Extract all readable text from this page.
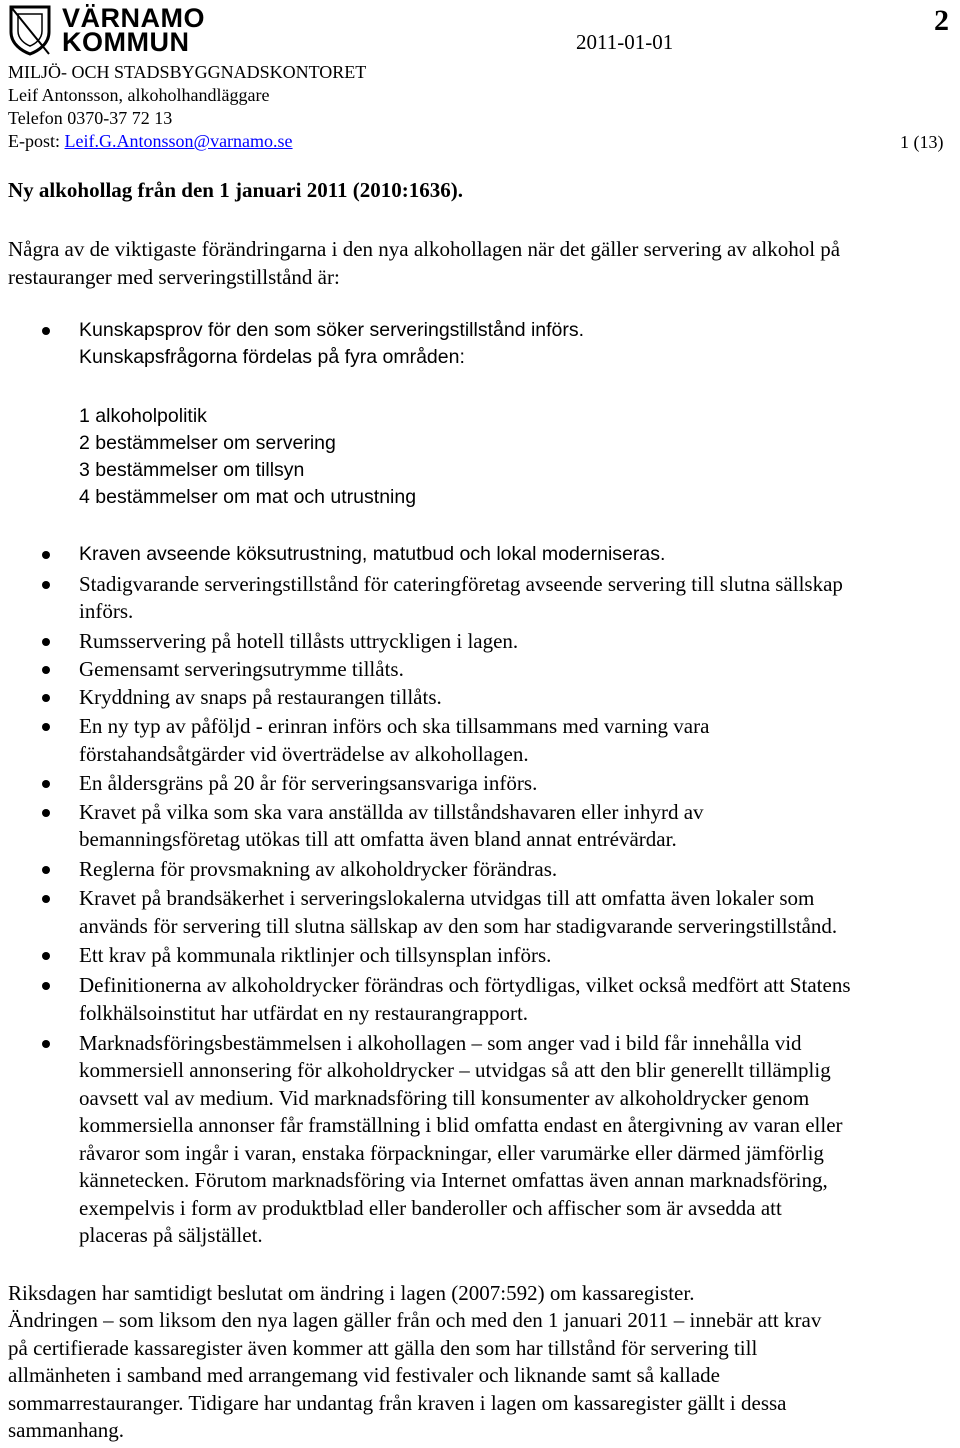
VÄRNAMO
KOMMUN
MILJÖ- OCH STADSBYGGNADSKONTORET
Leif Antonsson, alkoholhandläggare
Telefon 0370-37 72 13
E-post: Leif.G.Antonsson@varnamo.se
2011-01-01
2
1 (13)
Ny alkohollag från den 1 januari 2011 (2010:1636).
Några av de viktigaste förändringarna i den nya alkohollagen när det gäller servering av alkohol på
restauranger med serveringstillstånd är:
Kunskapsprov för den som söker serveringstillstånd införs.
Kunskapsfrågorna fördelas på fyra områden:
1 alkoholpolitik
2 bestämmelser om servering
3 bestämmelser om tillsyn
4 bestämmelser om mat och utrustning
Kraven avseende köksutrustning, matutbud och lokal moderniseras.
Stadigvarande serveringstillstånd för cateringföretag avseende servering till slutna sällskap
införs.
Rumsservering på hotell tillåsts uttryckligen i lagen.
Gemensamt serveringsutrymme tillåts.
Kryddning av snaps på restaurangen tillåts.
En ny typ av påföljd - erinran införs och ska tillsammans med varning vara
förstahandsåtgärder vid överträdelse av alkohollagen.
En åldersgräns på 20 år för serveringsansvariga införs.
Kravet på vilka som ska vara anställda av tillståndshavaren eller inhyrd av
bemanningsföretag utökas till att omfatta även bland annat entrévärdar.
Reglerna för provsmakning av alkoholdrycker förändras.
Kravet på brandsäkerhet i serveringslokalerna utvidgas till att omfatta även lokaler som
används för servering till slutna sällskap av den som har stadigvarande serveringstillstånd.
Ett krav på kommunala riktlinjer och tillsynsplan införs.
Definitionerna av alkoholdrycker förändras och förtydligas, vilket också medfört att Statens
folkhälsoinstitut har utfärdat en ny restaurangrapport.
Marknadsföringsbestämmelsen i alkohollagen – som anger vad i bild får innehålla vid
kommersiell annonsering för alkoholdrycker – utvidgas så att den blir generellt tillämplig
oavsett val av medium. Vid marknadsföring till konsumenter av alkoholdrycker genom
kommersiella annonser får framställning i blid omfatta endast en återgivning av varan eller
råvaror som ingår i varan, enstaka förpackningar, eller varumärke eller därmed jämförlig
kännetecken. Förutom marknadsföring via Internet omfattas även annan marknadsföring,
exempelvis i form av produktblad eller banderoller och affischer som är avsedda att
placeras på säljstället.
Riksdagen har samtidigt beslutat om ändring i lagen (2007:592) om kassaregister.
Ändringen – som liksom den nya lagen gäller från och med den 1 januari 2011 – innebär att krav
på certifierade kassaregister även kommer att gälla den som har tillstånd för servering till
allmänheten i samband med arrangemang vid festivaler och liknande samt så kallade
sommarrestauranger. Tidigare har undantag från kraven i lagen om kassaregister gällt i dessa
sammanhang.
